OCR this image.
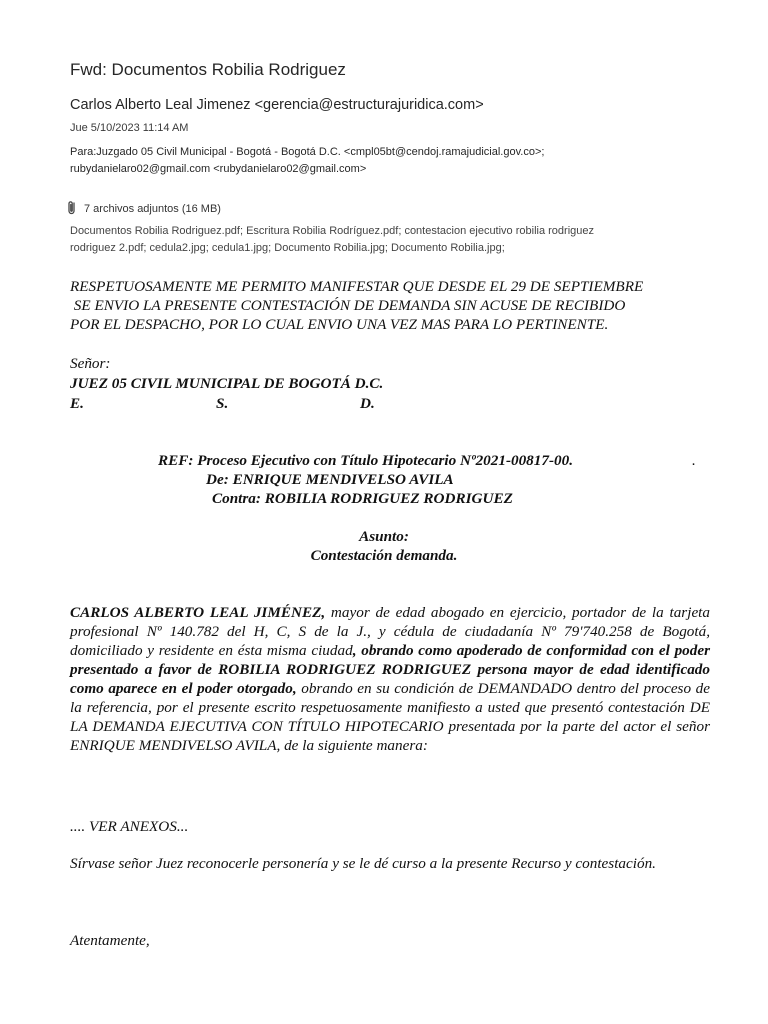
Fwd: Documentos Robilia Rodriguez
Carlos Alberto Leal Jimenez <gerencia@estructurajuridica.com>
Jue 5/10/2023 11:14 AM
Para:Juzgado 05 Civil Municipal - Bogotá - Bogotá D.C. <cmpl05bt@cendoj.ramajudicial.gov.co>;
rubydanielaro02@gmail.com <rubydanielaro02@gmail.com>
7 archivos adjuntos (16 MB)
Documentos Robilia Rodriguez.pdf; Escritura Robilia Rodríguez.pdf; contestacion ejecutivo robilia rodriguez
rodriguez 2.pdf; cedula2.jpg; cedula1.jpg; Documento Robilia.jpg; Documento Robilia.jpg;
RESPETUOSAMENTE ME PERMITO MANIFESTAR QUE DESDE EL 29 DE SEPTIEMBRE
SE ENVIO LA PRESENTE CONTESTACIÓN DE DEMANDA SIN ACUSE DE RECIBIDO
POR EL DESPACHO, POR LO CUAL ENVIO UNA VEZ MAS PARA LO PERTINENTE.
Señor:
JUEZ 05 CIVIL MUNICIPAL DE BOGOTÁ D.C.
E.	S.	D.
REF: Proceso Ejecutivo con Título Hipotecario Nº2021-00817-00.	.
De: ENRIQUE MENDIVELSO AVILA
Contra: ROBILIA RODRIGUEZ RODRIGUEZ
Asunto:
Contestación demanda.
CARLOS ALBERTO LEAL JIMÉNEZ, mayor de edad abogado en ejercicio, portador de la tarjeta profesional Nº 140.782 del H, C, S de la J., y cédula de ciudadanía Nº 79'740.258 de Bogotá, domiciliado y residente en ésta misma ciudad, obrando como apoderado de conformidad con el poder presentado a favor de ROBILIA RODRIGUEZ RODRIGUEZ persona mayor de edad identificado como aparece en el poder otorgado, obrando en su condición de DEMANDADO dentro del proceso de la referencia, por el presente escrito respetuosamente manifiesto a usted que presentó contestación DE LA DEMANDA EJECUTIVA CON TÍTULO HIPOTECARIO presentada por la parte del actor el señor ENRIQUE MENDIVELSO AVILA, de la siguiente manera:
.... VER ANEXOS...
Sírvase señor Juez reconocerle personería y se le dé curso a la presente Recurso y contestación.
Atentamente,
